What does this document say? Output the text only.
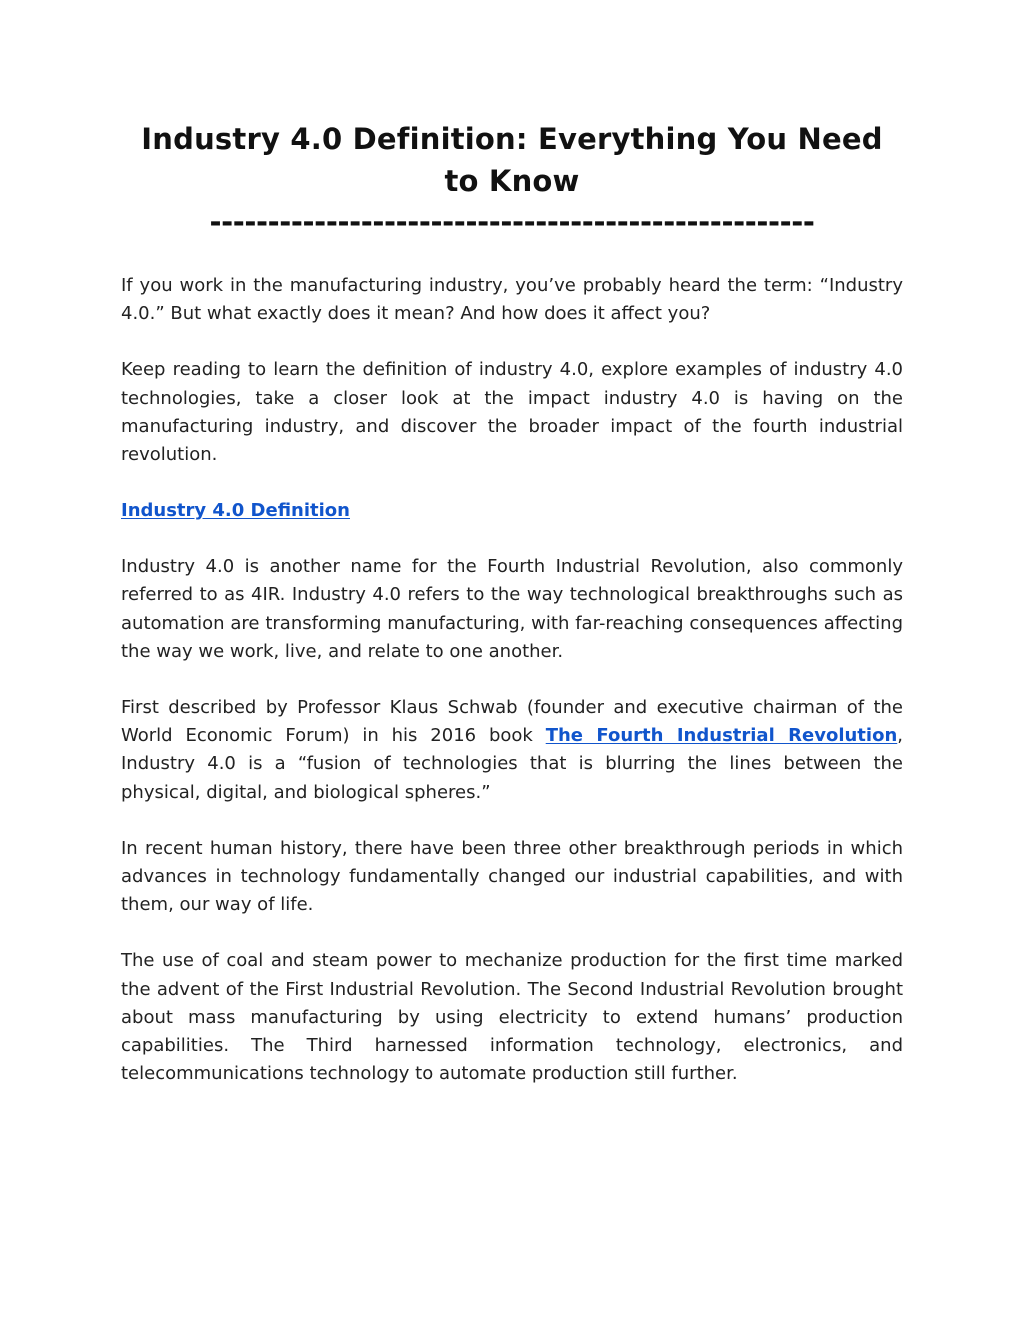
Industry 4.0 Definition: Everything You Need to Know
----------------------------------------------------

If you work in the manufacturing industry, you’ve probably heard the term: “Industry 4.0.” But what exactly does it mean? And how does it affect you?

Keep reading to learn the definition of industry 4.0, explore examples of industry 4.0 technologies, take a closer look at the impact industry 4.0 is having on the manufacturing industry, and discover the broader impact of the fourth industrial revolution.

Industry 4.0 Definition

Industry 4.0 is another name for the Fourth Industrial Revolution, also commonly referred to as 4IR. Industry 4.0 refers to the way technological breakthroughs such as automation are transforming manufacturing, with far-reaching consequences affecting the way we work, live, and relate to one another.

First described by Professor Klaus Schwab (founder and executive chairman of the World Economic Forum) in his 2016 book The Fourth Industrial Revolution, Industry 4.0 is a “fusion of technologies that is blurring the lines between the physical, digital, and biological spheres.”

In recent human history, there have been three other breakthrough periods in which advances in technology fundamentally changed our industrial capabilities, and with them, our way of life.

The use of coal and steam power to mechanize production for the first time marked the advent of the First Industrial Revolution. The Second Industrial Revolution brought about mass manufacturing by using electricity to extend humans’ production capabilities. The Third harnessed information technology, electronics, and telecommunications technology to automate production still further.
